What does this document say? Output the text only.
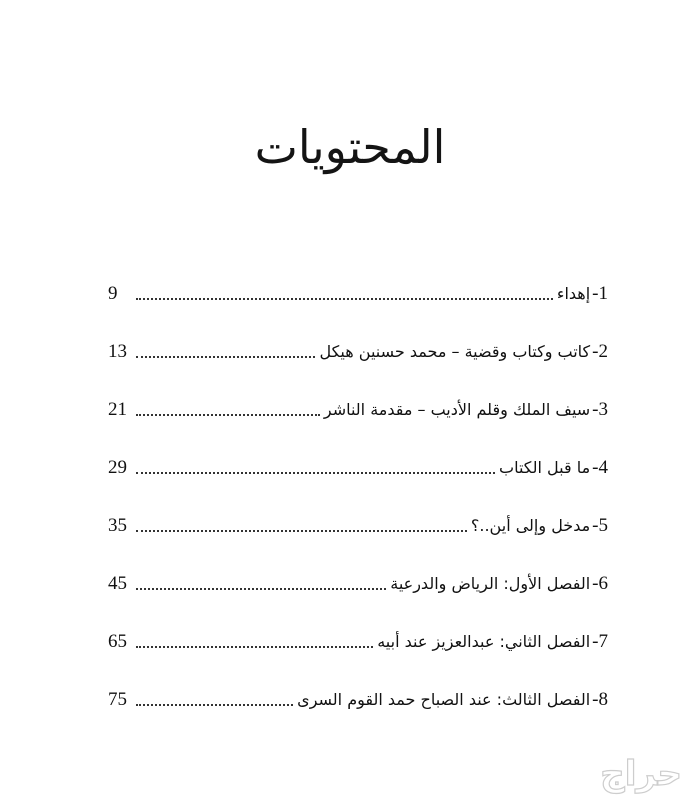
المحتويات
1-
إهداء
9
2-
كاتب وكتاب وقضية – محمد حسنين هيكل
13
3-
سيف الملك وقلم الأديب – مقدمة الناشر
21
4-
ما قبل الكتاب
29
5-
مدخل وإلى أين..؟
35
6-
الفصل الأول: الرياض والدرعية
45
7-
الفصل الثاني: عبدالعزيز عند أبيه
65
8-
الفصل الثالث: عند الصباح حمد القوم السرى
75
حراج
